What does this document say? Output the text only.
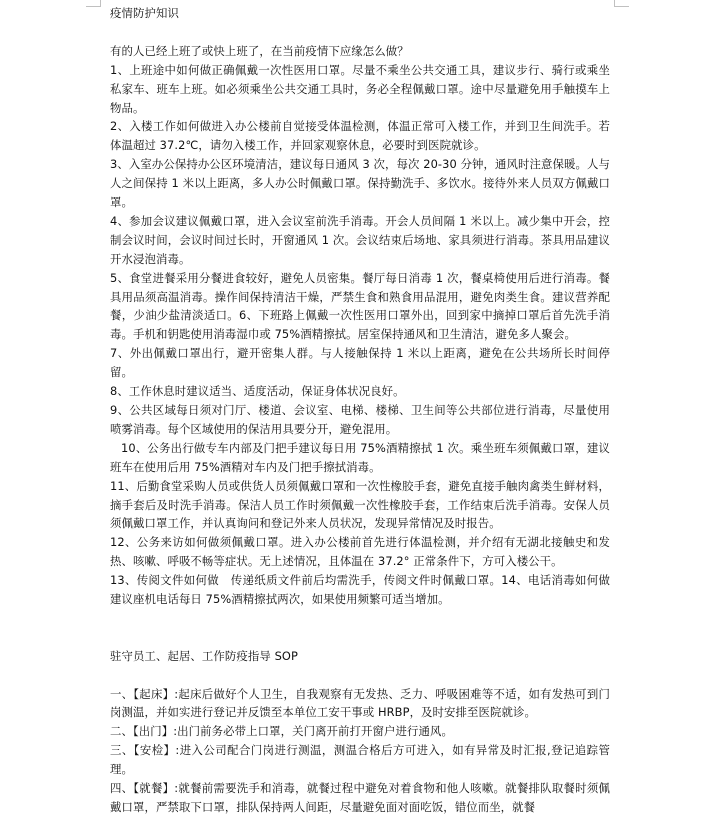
疫情防护知识

有的人已经上班了或快上班了，在当前疫情下应缘怎么做？

1、上班途中如何做正确佩戴一次性医用口罩。尽量不乘坐公共交通工具，建议步行、骑行或乘坐私家车、班车上班。如必须乘坐公共交通工具时，务必全程佩戴口罩。途中尽量避免用手触摸车上物品。

2、入楼工作如何做进入办公楼前自觉接受体温检测，体温正常可入楼工作，并到卫生间洗手。若体温超过 37.2℃，请勿入楼工作，并回家观察休息，必要时到医院就诊。

3、入室办公保持办公区环境清洁，建议每日通风 3 次，每次 20-30 分钟，通风时注意保暖。人与人之间保持 1 米以上距离，多人办公时佩戴口罩。保持勤洗手、多饮水。接待外来人员双方佩戴口罩。

4、参加会议建议佩戴口罩，进入会议室前洗手消毒。开会人员间隔 1 米以上。减少集中开会，控制会议时间，会议时间过长时，开窗通风 1 次。会议结束后场地、家具须进行消毒。茶具用品建议开水浸泡消毒。

5、食堂进餐采用分餐进食较好，避免人员密集。餐厅每日消毒 1 次，餐桌椅使用后进行消毒。餐具用品须高温消毒。操作间保持清洁干燥，严禁生食和熟食用品混用，避免肉类生食。建议营养配餐，少油少盐清淡适口。6、下班路上佩戴一次性医用口罩外出，回到家中摘掉口罩后首先洗手消毒。手机和钥匙使用消毒湿巾或 75%酒精擦拭。居室保持通风和卫生清洁，避免多人聚会。

7、外出佩戴口罩出行，避开密集人群。与人接触保持 1 米以上距离，避免在公共场所长时间停留。

8、工作休息时建议适当、适度活动，保证身体状况良好。

9、公共区域每日须对门厅、楼道、会议室、电梯、楼梯、卫生间等公共部位进行消毒，尽量使用喷雾消毒。每个区域使用的保洁用具要分开，避免混用。

10、公务出行做专车内部及门把手建议每日用 75%酒精擦拭 1 次。乘坐班车须佩戴口罩，建议班车在使用后用 75%酒精对车内及门把手擦拭消毒。

11、后勤食堂采购人员或供货人员须佩戴口罩和一次性橡胶手套，避免直接手触肉禽类生鲜材料，摘手套后及时洗手消毒。保洁人员工作时须佩戴一次性橡胶手套，工作结束后洗手消毒。安保人员须佩戴口罩工作，并认真询问和登记外来人员状况，发现异常情况及时报告。

12、公务来访如何做须佩戴口罩。进入办公楼前首先进行体温检测，并介绍有无湖北接触史和发热、咳嗽、呼吸不畅等症状。无上述情况，且体温在 37.2° 正常条件下，方可入楼公干。

13、传阅文件如何做　传递纸质文件前后均需洗手，传阅文件时佩戴口罩。14、电话消毒如何做建议座机电话每日 75%酒精擦拭两次，如果使用频繁可适当增加。

驻守员工、起居、工作防疫指导 SOP

一、【起床】:起床后做好个人卫生，自我观察有无发热、乏力、呼吸困难等不适，如有发热可到门岗测温，并如实进行登记并反馈至本单位工安干事或 HRBP，及时安排至医院就诊。

二、【出门】:出门前务必带上口罩，关门离开前打开窗户进行通风。

三、【安检】:进入公司配合门岗进行测温，测温合格后方可进入，如有异常及时汇报,登记追踪管理。

四、【就餐】:就餐前需要洗手和消毒，就餐过程中避免对着食物和他人咳嗽。就餐排队取餐时须佩戴口罩，严禁取下口罩，排队保持两人间距，尽量避免面对面吃饭，错位而坐，就餐
